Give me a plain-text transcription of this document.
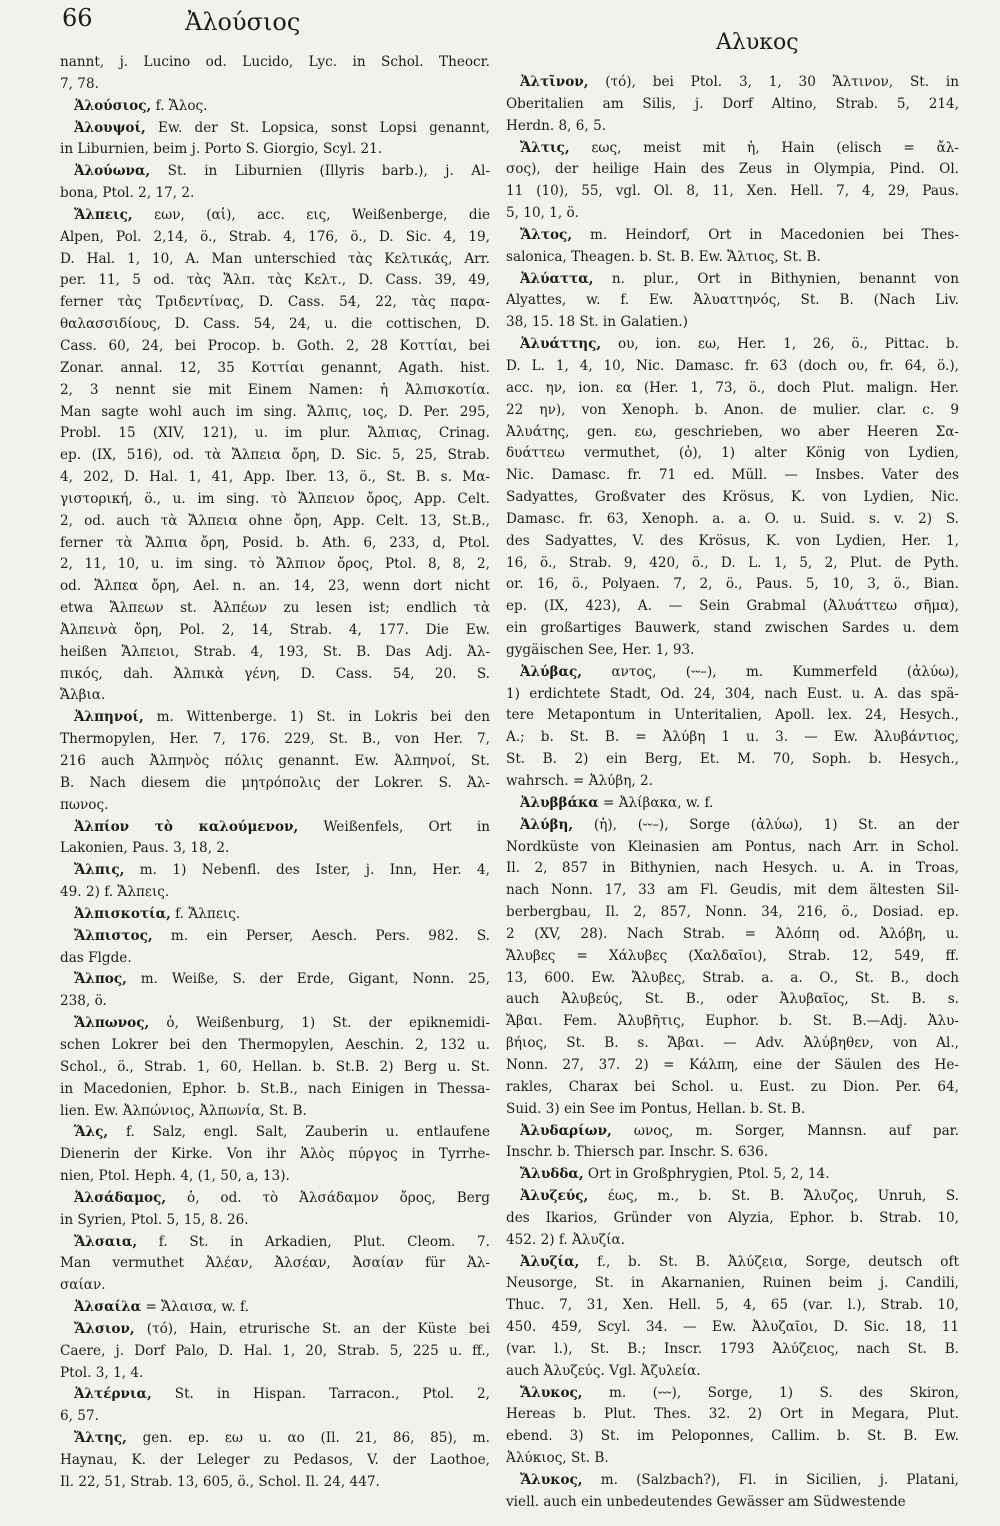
66	Ἀλούσιος
Αλυκος
nannt, j. Lucino od. Lucido, Lyc. in Schol. Theocr.
7, 78.
Ἀλούσιος, f. Ἄλος.
Ἀλουψοί, Ew. der St. Lopsica, sonst Lopsi genannt,
in Liburnien, beim j. Porto S. Giorgio, Scyl. 21.
Ἀλούωνα, St. in Liburnien (Illyris barb.), j. Al-
bona, Ptol. 2, 17, 2.
Ἄλπεις, εων, (αἱ), acc. εις, Weißenberge, die
Alpen, Pol. 2,14, ö., Strab. 4, 176, ö., D. Sic. 4, 19,
D. Hal. 1, 10, A. Man unterschied τὰς Κελτικάς, Arr.
per. 11, 5 od. τὰς Ἄλπ. τὰς Κελτ., D. Cass. 39, 49,
ferner τὰς Τριδεντίνας, D. Cass. 54, 22, τὰς παρα-
θαλασσιδίους, D. Cass. 54, 24, u. die cottischen, D.
Cass. 60, 24, bei Procop. b. Goth. 2, 28 Κοττίαι, bei
Zonar. annal. 12, 35 Κοττίαι genannt, Agath. hist.
2, 3 nennt sie mit Einem Namen: ἡ Ἀλπισκοτία.
Man sagte wohl auch im sing. Ἄλπις, ιος, D. Per. 295,
Probl. 15 (XIV, 121), u. im plur. Ἄλπιας, Crinag.
ep. (IX, 516), od. τὰ Ἄλπεια ὄρη, D. Sic. 5, 25, Strab.
4, 202, D. Hal. 1, 41, App. Iber. 13, ö., St. B. s. Μα-
γιστορική, ö., u. im sing. τὸ Ἄλπειον ὄρος, App. Celt.
2, od. auch τὰ Ἄλπεια ohne ὄρη, App. Celt. 13, St.B.,
ferner τὰ Ἄλπια ὄρη, Posid. b. Ath. 6, 233, d, Ptol.
2, 11, 10, u. im sing. τὸ Ἄλπιον ὄρος, Ptol. 8, 8, 2,
od. Ἄλπεα ὄρη, Ael. n. an. 14, 23, wenn dort nicht
etwa Ἄλπεων st. Ἀλπέων zu lesen ist; endlich τὰ
Ἀλπεινὰ ὄρη, Pol. 2, 14, Strab. 4, 177. Die Ew.
heißen Ἄλπειοι, Strab. 4, 193, St. B. Das Adj. Ἀλ-
πικός, dah. Ἀλπικὰ γένη, D. Cass. 54, 20. S.
Ἄλβια.
Ἀλπηνοί, m. Wittenberge. 1) St. in Lokris bei den
Thermopylen, Her. 7, 176. 229, St. B., von Her. 7,
216 auch Ἀλπηνὸς πόλις genannt. Ew. Ἀλπηνοί, St.
B. Nach diesem die μητρόπολις der Lokrer. S. Ἀλ-
πωνος.
Ἀλπίον τὸ καλούμενον, Weißenfels, Ort in
Lakonien, Paus. 3, 18, 2.
Ἄλπις, m. 1) Nebenfl. des Ister, j. Inn, Her. 4,
49. 2) f. Ἄλπεις.
Ἀλπισκοτία, f. Ἄλπεις.
Ἄλπιστος, m. ein Perser, Aesch. Pers. 982. S.
das Flgde.
Ἄλπος, m. Weiße, S. der Erde, Gigant, Nonn. 25,
238, ö.
Ἄλπωνος, ὁ, Weißenburg, 1) St. der epiknemidi-
schen Lokrer bei den Thermopylen, Aeschin. 2, 132 u.
Schol., ö., Strab. 1, 60, Hellan. b. St.B. 2) Berg u. St.
in Macedonien, Ephor. b. St.B., nach Einigen in Thessa-
lien. Ew. Ἀλπώνιος, Ἀλπωνία, St. B.
Ἅλς, f. Salz, engl. Salt, Zauberin u. entlaufene
Dienerin der Kirke. Von ihr Ἁλὸς πύργος in Tyrrhe-
nien, Ptol. Heph. 4, (1, 50, a, 13).
Ἀλσάδαμος, ὁ, od. τὸ Ἀλσάδαμον ὄρος, Berg
in Syrien, Ptol. 5, 15, 8. 26.
Ἄλσαια, f. St. in Arkadien, Plut. Cleom. 7.
Man vermuthet Ἀλέαν, Ἀλσέαν, Ἀσαίαν für Ἀλ-
σαίαν.
Ἀλσαίλα = Ἄλαισα, w. f.
Ἄλσιον, (τό), Hain, etrurische St. an der Küste bei
Caere, j. Dorf Palo, D. Hal. 1, 20, Strab. 5, 225 u. ff.,
Ptol. 3, 1, 4.
Ἀλτέρνια, St. in Hispan. Tarracon., Ptol. 2,
6, 57.
Ἄλτης, gen. ep. εω u. αο (Il. 21, 86, 85), m.
Haynau, K. der Leleger zu Pedasos, V. der Laothoe,
Il. 22, 51, Strab. 13, 605, ö., Schol. Il. 24, 447.
Ἀλτῖνον, (τό), bei Ptol. 3, 1, 30 Ἄλτινον, St. in
Oberitalien am Silis, j. Dorf Altino, Strab. 5, 214,
Herdn. 8, 6, 5.
Ἄλτις, εως, meist mit ἡ, Hain (elisch = ἄλ-
σος), der heilige Hain des Zeus in Olympia, Pind. Ol.
11 (10), 55, vgl. Ol. 8, 11, Xen. Hell. 7, 4, 29, Paus.
5, 10, 1, ö.
Ἄλτος, m. Heindorf, Ort in Macedonien bei Thes-
salonica, Theagen. b. St. B. Ew. Ἄλτιος, St. B.
Ἀλύαττα, n. plur., Ort in Bithynien, benannt von
Alyattes, w. f. Ew. Ἀλυαττηνός, St. B. (Nach Liv.
38, 15. 18 St. in Galatien.)
Ἀλυάττης, ου, ion. εω, Her. 1, 26, ö., Pittac. b.
D. L. 1, 4, 10, Nic. Damasc. fr. 63 (doch ου, fr. 64, ö.),
acc. ην, ion. εα (Her. 1, 73, ö., doch Plut. malign. Her.
22 ην), von Xenoph. b. Anon. de mulier. clar. c. 9
Ἀλυάτης, gen. εω, geschrieben, wo aber Heeren Σα-
δυάττεω vermuthet, (ὁ), 1) alter König von Lydien,
Nic. Damasc. fr. 71 ed. Müll. — Insbes. Vater des
Sadyattes, Großvater des Krösus, K. von Lydien, Nic.
Damasc. fr. 63, Xenoph. a. a. O. u. Suid. s. v. 2) S.
des Sadyattes, V. des Krösus, K. von Lydien, Her. 1,
16, ö., Strab. 9, 420, ö., D. L. 1, 5, 2, Plut. de Pyth.
or. 16, ö., Polyaen. 7, 2, ö., Paus. 5, 10, 3, ö., Bian.
ep. (IX, 423), A. — Sein Grabmal (Ἀλυάττεω σῆμα),
ein großartiges Bauwerk, stand zwischen Sardes u. dem
gygäischen See, Her. 1, 93.
Ἀλύβας, αντος, (⏑⏑–), m. Kummerfeld (ἀλύω),
1) erdichtete Stadt, Od. 24, 304, nach Eust. u. A. das spä-
tere Metapontum in Unteritalien, Apoll. lex. 24, Hesych.,
A.; b. St. B. = Ἀλύβη 1 u. 3. — Ew. Ἀλυβάντιος,
St. B. 2) ein Berg, Et. M. 70, Soph. b. Hesych.,
wahrsch. = Ἀλύβη, 2.
Ἀλυββάκα = Ἀλίβακα, w. f.
Ἀλύβη, (ἡ), (⏑⏑–), Sorge (ἀλύω), 1) St. an der
Nordküste von Kleinasien am Pontus, nach Arr. in Schol.
Il. 2, 857 in Bithynien, nach Hesych. u. A. in Troas,
nach Nonn. 17, 33 am Fl. Geudis, mit dem ältesten Sil-
berbergbau, Il. 2, 857, Nonn. 34, 216, ö., Dosiad. ep.
2 (XV, 28). Nach Strab. = Ἀλόπη od. Ἀλόβη, u.
Ἄλυβες = Χάλυβες (Χαλδαῖοι), Strab. 12, 549, ff.
13, 600. Ew. Ἄλυβες, Strab. a. a. O., St. B., doch
auch Ἀλυβεύς, St. B., oder Ἀλυβαῖος, St. B. s.
Ἄβαι. Fem. Ἀλυβῆτις, Euphor. b. St. B.—Adj. Ἀλυ-
βήιος, St. B. s. Ἄβαι. — Adv. Ἀλύβηθεν, von Al.,
Nonn. 27, 37. 2) = Κάλπη, eine der Säulen des He-
rakles, Charax bei Schol. u. Eust. zu Dion. Per. 64,
Suid. 3) ein See im Pontus, Hellan. b. St. B.
Ἀλυδαρίων, ωνος, m. Sorger, Mannsn. auf par.
Inschr. b. Thiersch par. Inschr. S. 636.
Ἄλυδδα, Ort in Großphrygien, Ptol. 5, 2, 14.
Ἀλυζεύς, έως, m., b. St. B. Ἄλυζος, Unruh, S.
des Ikarios, Gründer von Alyzia, Ephor. b. Strab. 10,
452. 2) f. Ἀλυζία.
Ἀλυζία, f., b. St. B. Ἀλύζεια, Sorge, deutsch oft
Neusorge, St. in Akarnanien, Ruinen beim j. Candili,
Thuc. 7, 31, Xen. Hell. 5, 4, 65 (var. l.), Strab. 10,
450. 459, Scyl. 34. — Ew. Ἀλυζαῖοι, D. Sic. 18, 11
(var. l.), St. B.; Inscr. 1793 Ἀλύζειος, nach St. B.
auch Ἀλυζεύς. Vgl. Ἀζυλεία.
Ἄλυκος, m. (⏑⏑⏑), Sorge, 1) S. des Skiron,
Hereas b. Plut. Thes. 32. 2) Ort in Megara, Plut.
ebend. 3) St. im Peloponnes, Callim. b. St. B. Ew.
Ἀλύκιος, St. B.
Ἄλυκος, m. (Salzbach?), Fl. in Sicilien, j. Platani,
viell. auch ein unbedeutendes Gewässer am Südwestende
